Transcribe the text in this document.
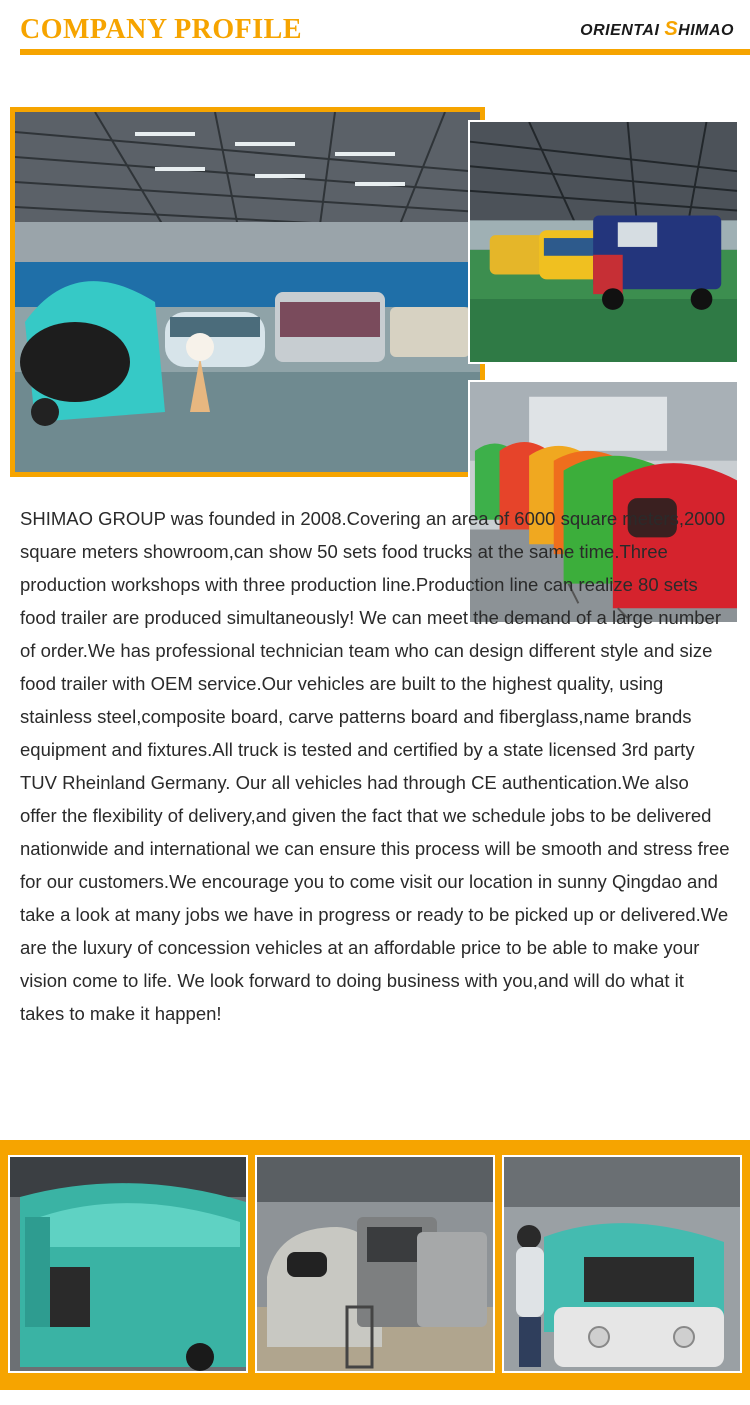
COMPANY PROFILE	ORIENTAI SHIMAO

SHIMAO GROUP was founded in 2008.Covering an area of 6000 square meters,2000 square meters showroom,can show 50 sets food trucks at the same time.Three production workshops with three production line.Production line can realize 80 sets food trailer are produced simultaneously! We can meet the demand of a large number of order.We has professional technician team who can design different style and size food trailer with OEM service.Our vehicles are built to the highest quality, using stainless steel,composite board, carve patterns board and fiberglass,name brands equipment and fixtures.All truck is tested and certified by a state licensed 3rd party TUV Rheinland Germany. Our all vehicles had through CE authentication.We also offer the flexibility of delivery,and given the fact that we schedule jobs to be delivered nationwide and international we can ensure this process will be smooth and stress free for our customers.We encourage you to come visit our location in sunny Qingdao and take a look at many jobs we have in progress or ready to be picked up or delivered.We are the luxury of concession vehicles at an affordable price to be able to make your vision come to life. We look forward to doing business with you,and will do what it takes to make it happen!
